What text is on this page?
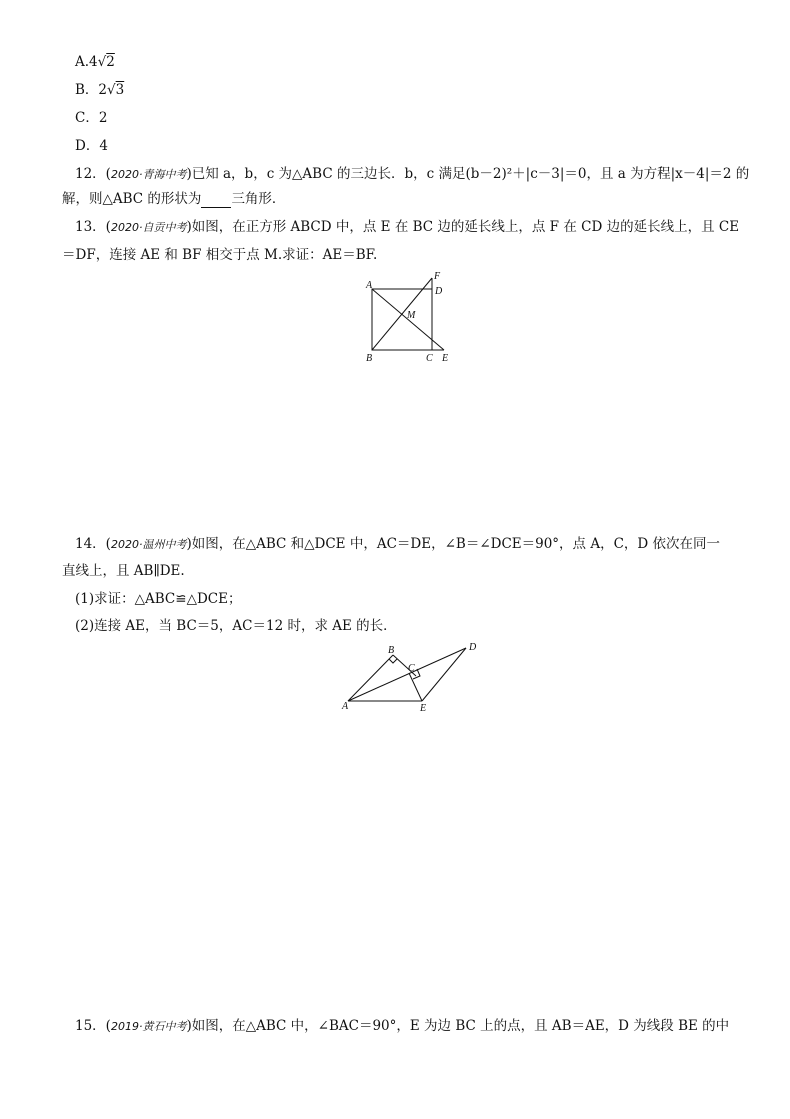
A.4√2
B．2√3
C．2
D．4
12．(2020·青海中考)已知 a，b，c 为△ABC 的三边长．b，c 满足(b－2)²＋|c－3|＝0，且 a 为方程|x－4|＝2 的
解，则△ABC 的形状为 三角形．
13．(2020·自贡中考)如图，在正方形 ABCD 中，点 E 在 BC 边的延长线上，点 F 在 CD 边的延长线上，且 CE
＝DF，连接 AE 和 BF 相交于点 M.求证：AE＝BF.
A
B	C
D
E
F
M
14．(2020·温州中考)如图，在△ABC 和△DCE 中，AC＝DE，∠B＝∠DCE＝90°，点 A，C，D 依次在同一
直线上，且 AB∥DE.
(1)求证：△ABC≌△DCE；
(2)连接 AE，当 BC＝5，AC＝12 时，求 AE 的长．
A
B
C
D
E
15．(2019·黄石中考)如图，在△ABC 中，∠BAC＝90°，E 为边 BC 上的点，且 AB＝AE，D 为线段 BE 的中
